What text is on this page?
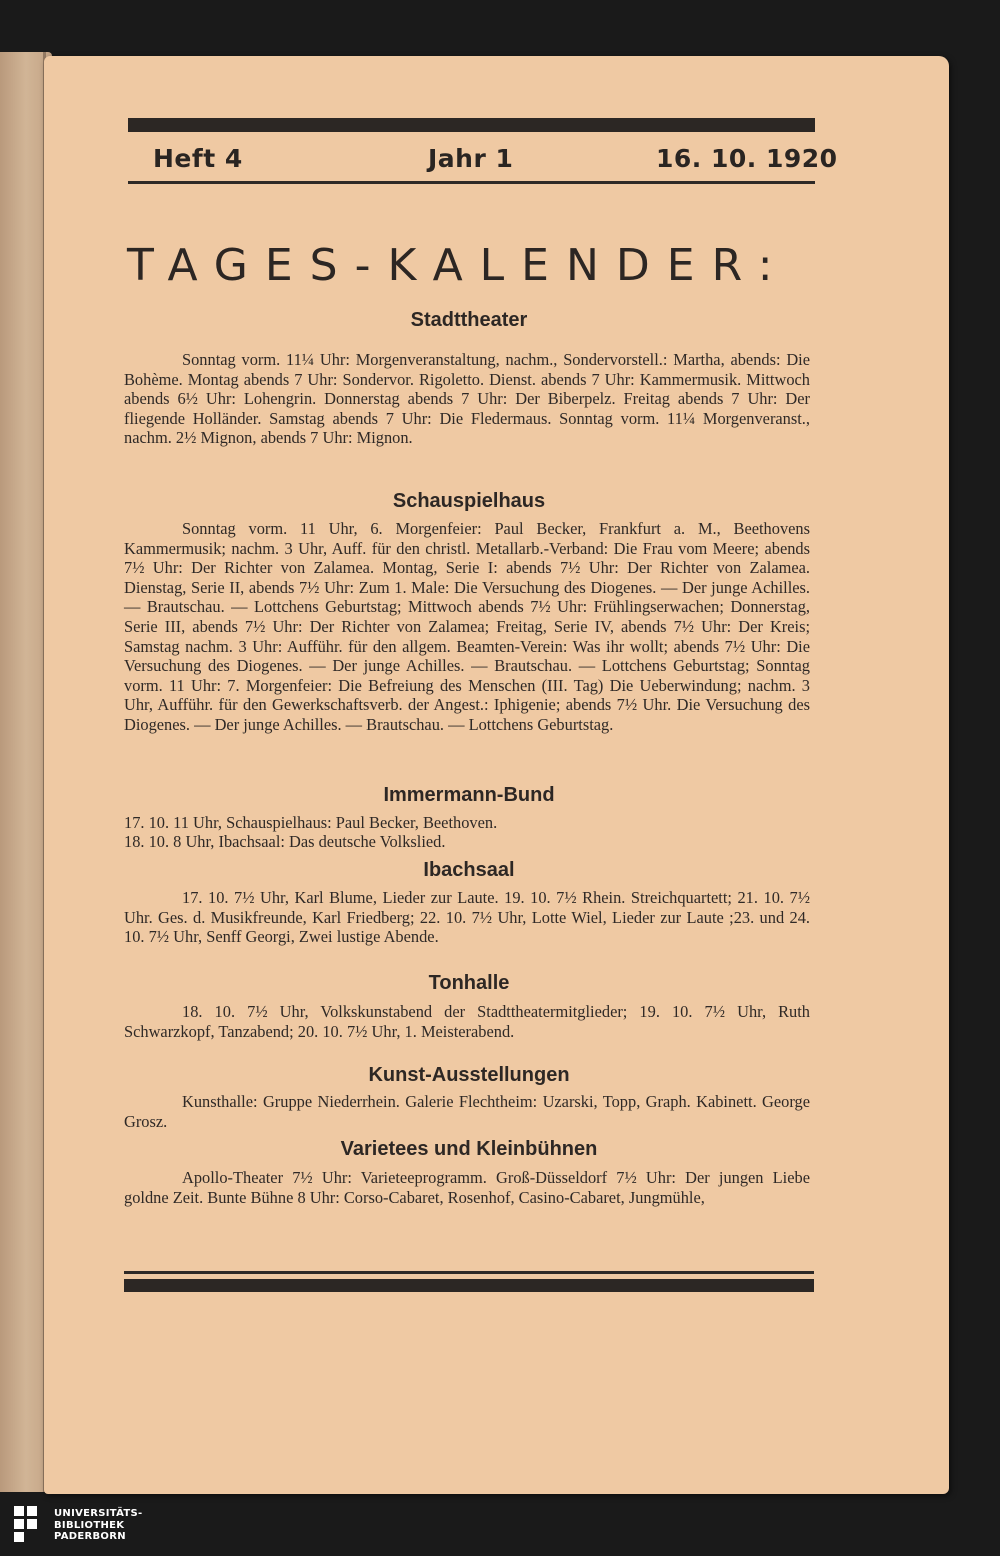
Heft 4	Jahr 1	16. 10. 1920
TAGES-KALENDER:
Stadttheater
Sonntag vorm. 11¼ Uhr: Morgenveranstaltung, nachm., Sondervorstell.: Martha, abends: Die Bohème. Montag abends 7 Uhr: Sondervor. Rigoletto. Dienst. abends 7 Uhr: Kammermusik. Mittwoch abends 6½ Uhr: Lohengrin. Donnerstag abends 7 Uhr: Der Biberpelz. Freitag abends 7 Uhr: Der fliegende Holländer. Samstag abends 7 Uhr: Die Fledermaus. Sonntag vorm. 11¼ Morgenveranst., nachm. 2½ Mignon, abends 7 Uhr: Mignon.
Schauspielhaus
Sonntag vorm. 11 Uhr, 6. Morgenfeier: Paul Becker, Frankfurt a. M., Beethovens Kammermusik; nachm. 3 Uhr, Auff. für den christl. Metallarb.-Verband: Die Frau vom Meere; abends 7½ Uhr: Der Richter von Zalamea. Montag, Serie I: abends 7½ Uhr: Der Richter von Zalamea. Dienstag, Serie II, abends 7½ Uhr: Zum 1. Male: Die Versuchung des Diogenes. — Der junge Achilles. — Brautschau. — Lottchens Geburtstag; Mittwoch abends 7½ Uhr: Frühlingserwachen; Donnerstag, Serie III, abends 7½ Uhr: Der Richter von Zalamea; Freitag, Serie IV, abends 7½ Uhr: Der Kreis; Samstag nachm. 3 Uhr: Aufführ. für den allgem. Beamten-Verein: Was ihr wollt; abends 7½ Uhr: Die Versuchung des Diogenes. — Der junge Achilles. — Brautschau. — Lottchens Geburtstag; Sonntag vorm. 11 Uhr: 7. Morgenfeier: Die Befreiung des Menschen (III. Tag) Die Ueberwindung; nachm. 3 Uhr, Aufführ. für den Gewerkschaftsverb. der Angest.: Iphigenie; abends 7½ Uhr. Die Versuchung des Diogenes. — Der junge Achilles. — Brautschau. — Lottchens Geburtstag.
Immermann-Bund
17. 10. 11 Uhr, Schauspielhaus: Paul Becker, Beethoven.
18. 10. 8 Uhr, Ibachsaal: Das deutsche Volkslied.
Ibachsaal
17. 10. 7½ Uhr, Karl Blume, Lieder zur Laute. 19. 10. 7½ Rhein. Streichquartett; 21. 10. 7½ Uhr. Ges. d. Musikfreunde, Karl Friedberg; 22. 10. 7½ Uhr, Lotte Wiel, Lieder zur Laute ;23. und 24. 10. 7½ Uhr, Senff Georgi, Zwei lustige Abende.
Tonhalle
18. 10. 7½ Uhr, Volkskunstabend der Stadttheatermitglieder; 19. 10. 7½ Uhr, Ruth Schwarzkopf, Tanzabend; 20. 10. 7½ Uhr, 1. Meisterabend.
Kunst-Ausstellungen
Kunsthalle: Gruppe Niederrhein. Galerie Flechtheim: Uzarski, Topp, Graph. Kabinett. George Grosz.
Varietees und Kleinbühnen
Apollo-Theater 7½ Uhr: Varieteeprogramm. Groß-Düsseldorf 7½ Uhr: Der jungen Liebe goldne Zeit. Bunte Bühne 8 Uhr: Corso-Cabaret, Rosenhof, Casino-Cabaret, Jungmühle,
UNIVERSITÄTS-
BIBLIOTHEK
PADERBORN
